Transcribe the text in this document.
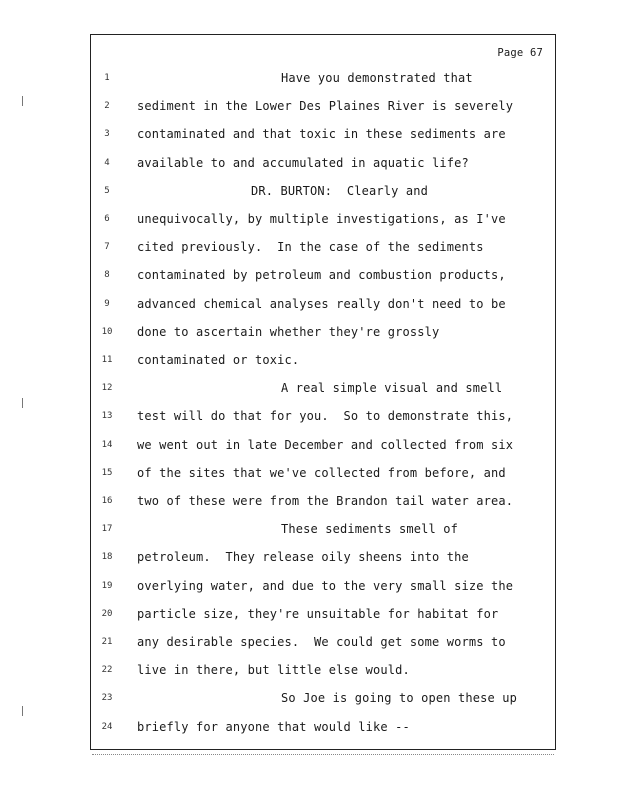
Page 67
1	Have you demonstrated that
2	sediment in the Lower Des Plaines River is severely
3	contaminated and that toxic in these sediments are
4	available to and accumulated in aquatic life?
5	DR. BURTON:  Clearly and
6	unequivocally, by multiple investigations, as I've
7	cited previously.  In the case of the sediments
8	contaminated by petroleum and combustion products,
9	advanced chemical analyses really don't need to be
10	done to ascertain whether they're grossly
11	contaminated or toxic.
12	A real simple visual and smell
13	test will do that for you.  So to demonstrate this,
14	we went out in late December and collected from six
15	of the sites that we've collected from before, and
16	two of these were from the Brandon tail water area.
17	These sediments smell of
18	petroleum.  They release oily sheens into the
19	overlying water, and due to the very small size the
20	particle size, they're unsuitable for habitat for
21	any desirable species.  We could get some worms to
22	live in there, but little else would.
23	So Joe is going to open these up
24	briefly for anyone that would like --
